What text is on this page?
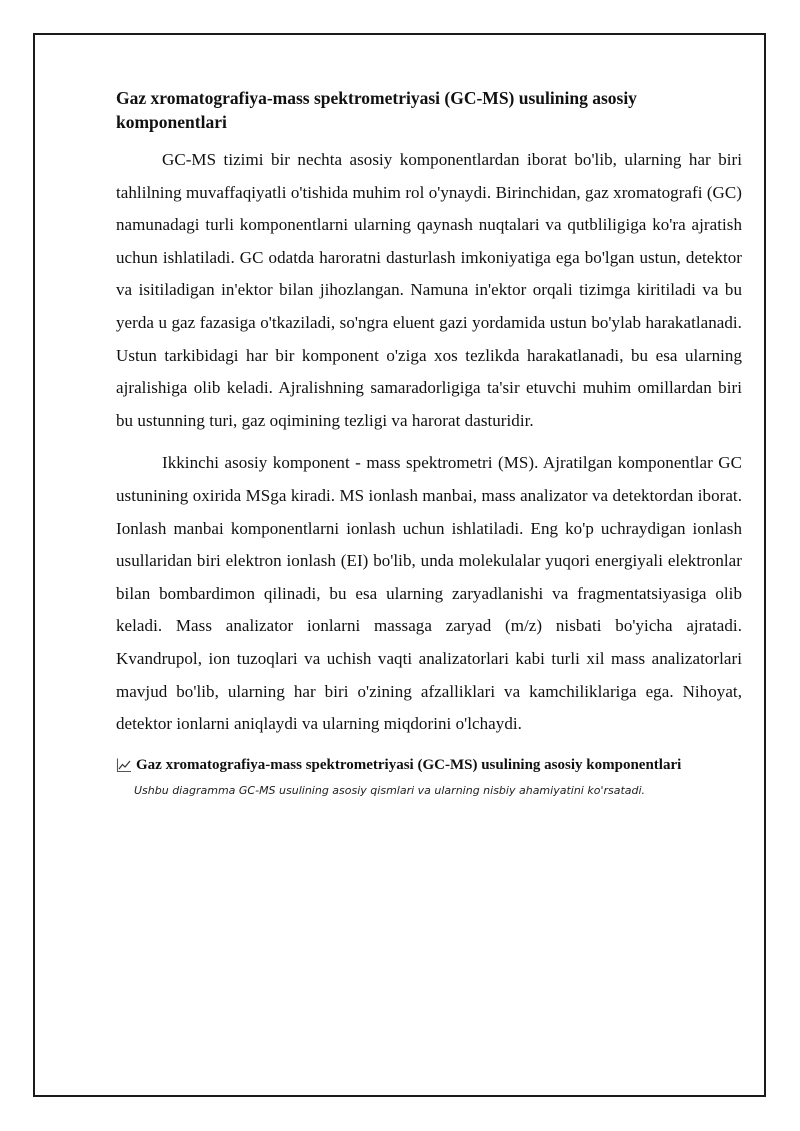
Gaz xromatografiya-mass spektrometriyasi (GC-MS) usulining asosiy komponentlari

GC-MS tizimi bir nechta asosiy komponentlardan iborat bo'lib, ularning har biri tahlilning muvaffaqiyatli o'tishida muhim rol o'ynaydi. Birinchidan, gaz xromatografi (GC) namunadagi turli komponentlarni ularning qaynash nuqtalari va qutbliligiga ko'ra ajratish uchun ishlatiladi. GC odatda haroratni dasturlash imkoniyatiga ega bo'lgan ustun, detektor va isitiladigan in'ektor bilan jihozlangan. Namuna in'ektor orqali tizimga kiritiladi va bu yerda u gaz fazasiga o'tkaziladi, so'ngra eluent gazi yordamida ustun bo'ylab harakatlanadi. Ustun tarkibidagi har bir komponent o'ziga xos tezlikda harakatlanadi, bu esa ularning ajralishiga olib keladi. Ajralishning samaradorligiga ta'sir etuvchi muhim omillardan biri bu ustunning turi, gaz oqimining tezligi va harorat dasturidir.

Ikkinchi asosiy komponent - mass spektrometri (MS). Ajratilgan komponentlar GC ustunining oxirida MSga kiradi. MS ionlash manbai, mass analizator va detektordan iborat. Ionlash manbai komponentlarni ionlash uchun ishlatiladi. Eng ko'p uchraydigan ionlash usullaridan biri elektron ionlash (EI) bo'lib, unda molekulalar yuqori energiyali elektronlar bilan bombardimon qilinadi, bu esa ularning zaryadlanishi va fragmentatsiyasiga olib keladi. Mass analizator ionlarni massaga zaryad (m/z) nisbati bo'yicha ajratadi. Kvandrupol, ion tuzoqlari va uchish vaqti analizatorlari kabi turli xil mass analizatorlari mavjud bo'lib, ularning har biri o'zining afzalliklari va kamchiliklariga ega. Nihoyat, detektor ionlarni aniqlaydi va ularning miqdorini o'lchaydi.

Gaz xromatografiya-mass spektrometriyasi (GC-MS) usulining asosiy komponentlari
Ushbu diagramma GC-MS usulining asosiy qismlari va ularning nisbiy ahamiyatini ko'rsatadi.
